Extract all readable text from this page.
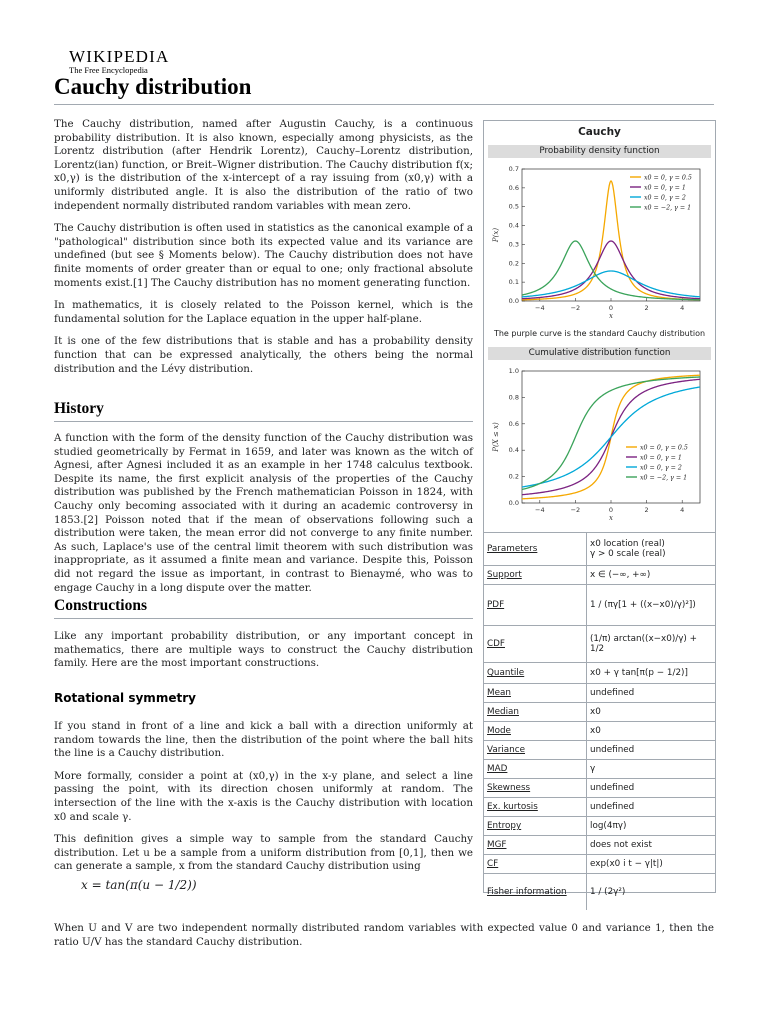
WIKIPEDIA
The Free Encyclopedia
Cauchy distribution

The Cauchy distribution, named after Augustin Cauchy, is a continuous probability distribution. It is also known, especially among physicists, as the Lorentz distribution (after Hendrik Lorentz), Cauchy–Lorentz distribution, Lorentz(ian) function, or Breit–Wigner distribution. The Cauchy distribution f(x; x0,γ) is the distribution of the x-intercept of a ray issuing from (x0,γ) with a uniformly distributed angle. It is also the distribution of the ratio of two independent normally distributed random variables with mean zero.

The Cauchy distribution is often used in statistics as the canonical example of a "pathological" distribution since both its expected value and its variance are undefined (but see § Moments below). The Cauchy distribution does not have finite moments of order greater than or equal to one; only fractional absolute moments exist.[1] The Cauchy distribution has no moment generating function.

In mathematics, it is closely related to the Poisson kernel, which is the fundamental solution for the Laplace equation in the upper half-plane.

It is one of the few distributions that is stable and has a probability density function that can be expressed analytically, the others being the normal distribution and the Lévy distribution.

History

A function with the form of the density function of the Cauchy distribution was studied geometrically by Fermat in 1659, and later was known as the witch of Agnesi, after Agnesi included it as an example in her 1748 calculus textbook. Despite its name, the first explicit analysis of the properties of the Cauchy distribution was published by the French mathematician Poisson in 1824, with Cauchy only becoming associated with it during an academic controversy in 1853.[2] Poisson noted that if the mean of observations following such a distribution were taken, the mean error did not converge to any finite number. As such, Laplace's use of the central limit theorem with such distribution was inappropriate, as it assumed a finite mean and variance. Despite this, Poisson did not regard the issue as important, in contrast to Bienaymé, who was to engage Cauchy in a long dispute over the matter.

Constructions

Like any important probability distribution, or any important concept in mathematics, there are multiple ways to construct the Cauchy distribution family. Here are the most important constructions.

Rotational symmetry

If you stand in front of a line and kick a ball with a direction uniformly at random towards the line, then the distribution of the point where the ball hits the line is a Cauchy distribution.

More formally, consider a point at (x0,γ) in the x-y plane, and select a line passing the point, with its direction chosen uniformly at random. The intersection of the line with the x-axis is the Cauchy distribution with location x0 and scale γ.

This definition gives a simple way to sample from the standard Cauchy distribution. Let u be a sample from a uniform distribution from [0,1], then we can generate a sample, x from the standard Cauchy distribution using

x = tan(π(u − 1/2))

When U and V are two independent normally distributed random variables with expected value 0 and variance 1, then the ratio U/V has the standard Cauchy distribution.

Cauchy
Probability density function
−4	−2	0	2	4
0.0
0.1
0.2
0.3
0.4
0.5
0.6
0.7
x
P(x)
x0 = 0, γ = 0.5
x0 = 0, γ = 1
x0 = 0, γ = 2
x0 = −2, γ = 1
The purple curve is the standard Cauchy distribution
Cumulative distribution function
−4	−2	0	2	4
0.0
0.2
0.4
0.6
0.8
1.0
x
P(X ≤ x)	x0 = 0, γ = 0.5
x0 = 0, γ = 1
x0 = 0, γ = 2
x0 = −2, γ = 1
Parameters	x0 location (real)
γ > 0 scale (real)

Support	x ∈ (−∞, +∞)

PDF	1 / (πγ[1 + ((x−x0)/γ)²])

CDF	(1/π) arctan((x−x0)/γ) + 1/2

Quantile	x0 + γ tan[π(p − 1/2)]

Mean	undefined

Median	x0

Mode	x0

Variance	undefined

MAD	γ

Skewness	undefined

Ex. kurtosis	undefined

Entropy	log(4πγ)

MGF	does not exist

CF	exp(x0 i t − γ|t|)

Fisher information	1 / (2γ²)
